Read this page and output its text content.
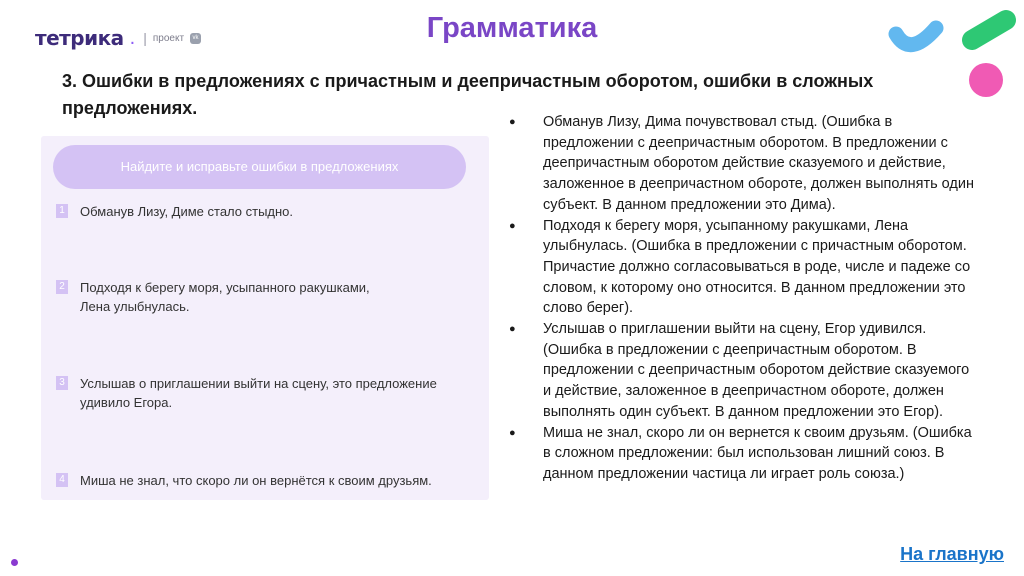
тетрика . | проект	vk	Грамматика
3. Ошибки в предложениях с причастным и деепричастным оборотом, ошибки в сложных предложениях.
Найдите и исправьте ошибки в предложениях
1 Обманув Лизу, Диме стало стыдно.
2 Подходя к берегу моря, усыпанного ракушками, Лена улыбнулась.
3 Услышав о приглашении выйти на сцену, это предложение удивило Егора.
4 Миша не знал, что скоро ли он вернётся к своим друзьям.
●	Обманув Лизу, Дима почувствовал стыд. (Ошибка в предложении с деепричастным оборотом. В предложении с деепричастным оборотом действие сказуемого и действие, заложенное в деепричастном обороте, должен выполнять один субъект. В данном предложении это Дима).
●	Подходя к берегу моря, усыпанному ракушками, Лена улыбнулась. (Ошибка в предложении с причастным оборотом. Причастие должно согласовываться в роде, числе и падеже со словом, к которому оно относится. В данном предложении это слово берег).
●	Услышав о приглашении выйти на сцену, Егор удивился. (Ошибка в предложении с деепричастным оборотом. В предложении с деепричастным оборотом действие сказуемого и действие, заложенное в деепричастном обороте, должен выполнять один субъект. В данном предложении это Егор).
●	Миша не знал, скоро ли он вернется к своим друзьям. (Ошибка в сложном предложении: был использован лишний союз. В данном предложении частица ли играет роль союза.)
На главную
